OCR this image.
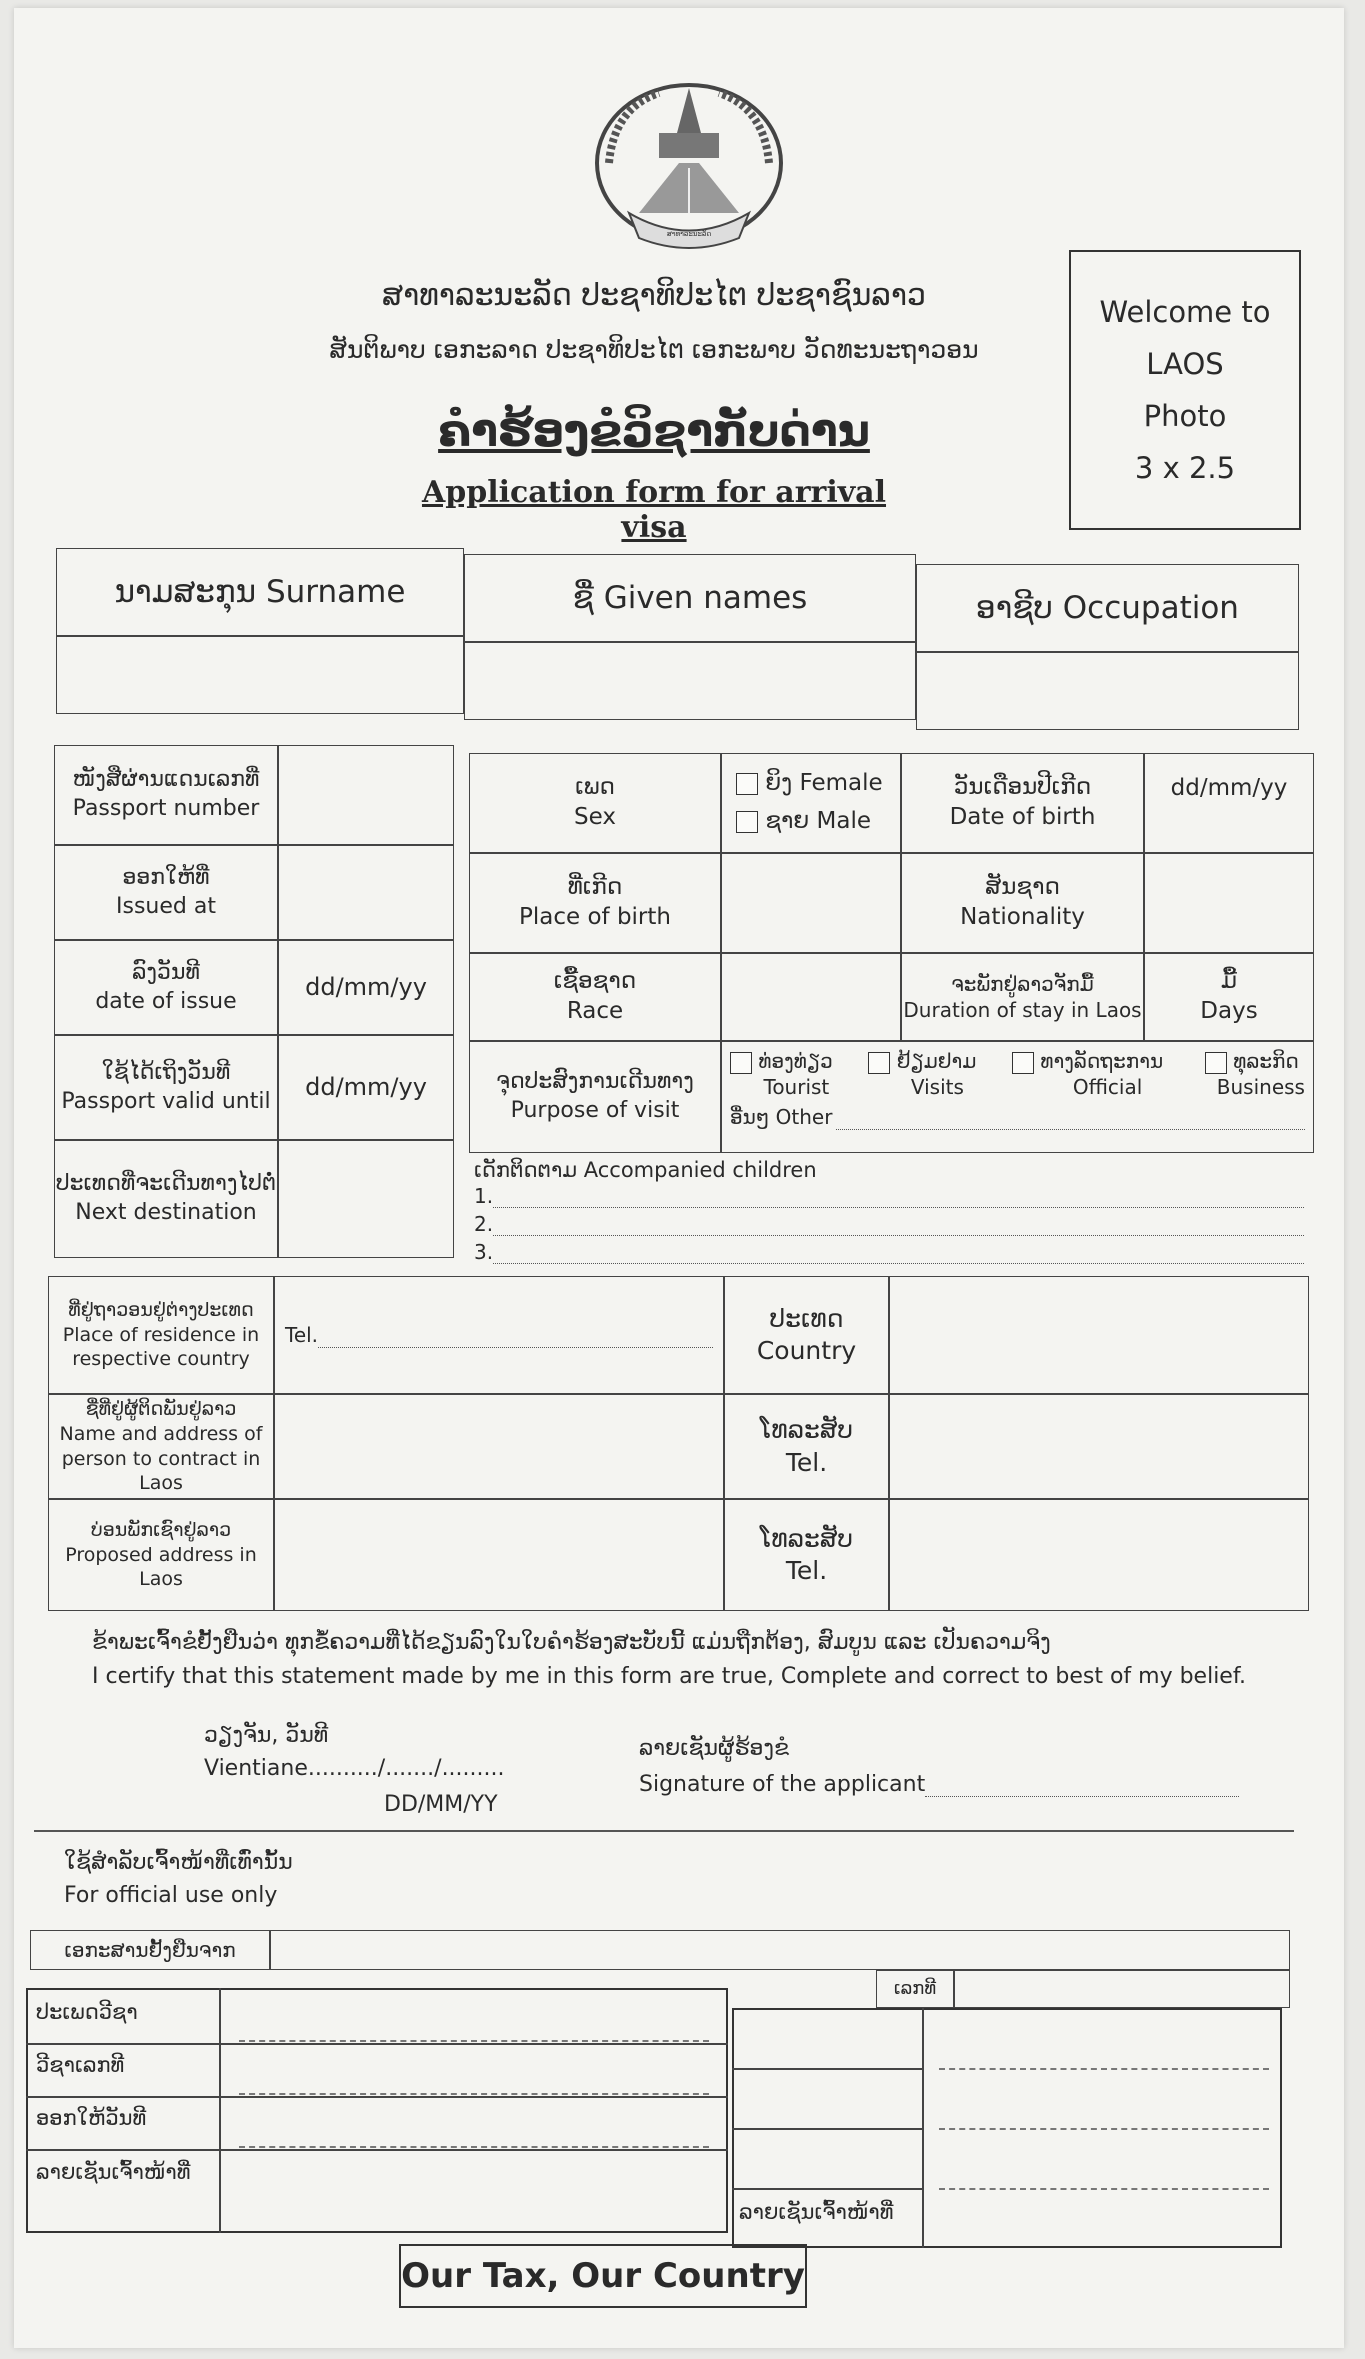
ສາທາລະນະລັດ
ສາທາລະນະລັດ ປະຊາທິປະໄຕ ປະຊາຊົນລາວ
ສັນຕິພາບ ເອກະລາດ ປະຊາທິປະໄຕ ເອກະພາບ ວັດທະນະຖາວອນ
ຄຳຮ້ອງຂໍວິຊາກັບດ່ານ
Application form for arrival visa
Welcome to
LAOS
Photo
3 x 2.5
ນາມສະກຸນ Surname	ຊື່ Given names	ອາຊີບ Occupation
ໜັງສືຜ່ານແດນເລກທີ່
Passport number
ອອກໃຫ້ທີ່
Issued at
ລົງວັນທີ
date of issue
dd/mm/yy
ໃຊ້ໄດ້ເຖິງວັນທີ
Passport valid until
dd/mm/yy
ປະເທດທີ່ຈະເດີນທາງໄປຕໍ່
Next destination
ເພດ
Sex
ຍິງ Female
ຊາຍ Male
ວັນເດືອນປີເກີດ
Date of birth
dd/mm/yy
ທີ່ເກີດ
Place of birth
ສັນຊາດ
Nationality
ເຊື້ອຊາດ
Race
ຈະພັກຢູ່ລາວຈັກມື້
Duration of stay in Laos
ມື້
Days
ຈຸດປະສົງການເດີນທາງ
Purpose of visit
ທ່ອງທ່ຽວ
Tourist
ຢ້ຽມຢາມ
Visits
ທາງລັດຖະການ
Official
ທຸລະກິດ
Business
ອື່ນໆ Other
ເດັກຕິດຕາມ Accompanied children
1.
2.
3.
ທີ່ຢູ່ຖາວອນຢູ່ຕ່າງປະເທດ
Place of residence in respective country
Tel.
ປະເທດ
Country
ຊື່ທີ່ຢູ່ຜູ້ຕິດພັນຢູ່ລາວ
Name and address of person to contract in Laos
ໂທລະສັບ
Tel.
ບ່ອນພັກເຊົາຢູ່ລາວ
Proposed address in Laos
ໂທລະສັບ
Tel.
ຂ້າພະເຈົ້າຂໍຢັ້ງຢືນວ່າ ທຸກຂໍ້ຄວາມທີ່ໄດ້ຂຽນລົງໃນໃບຄຳຮ້ອງສະບັບນີ້ ແມ່ນຖືກຕ້ອງ, ສົມບູນ ແລະ ເປັນຄວາມຈິງ
I certify that this statement made by me in this form are true, Complete and correct to best of my belief.
ວຽງຈັນ, ວັນທີ
Vientiane........../......./.........
DD/MM/YY
ລາຍເຊັນຜູ້ຮ້ອງຂໍ
Signature of the applicant
ໃຊ້ສຳລັບເຈົ້າໜ້າທີ່ເທົ່ານັ້ນ
For official use only
ເອກະສານຢັ້ງຢືນຈາກ
ເລກທີ
ປະເພດວີຊາ
ວີຊາເລກທີ
ອອກໃຫ້ວັນທີ
ລາຍເຊັນເຈົ້າໜ້າທີ່
ລາຍເຊັນເຈົ້າໜ້າທີ່
Our Tax, Our Country
